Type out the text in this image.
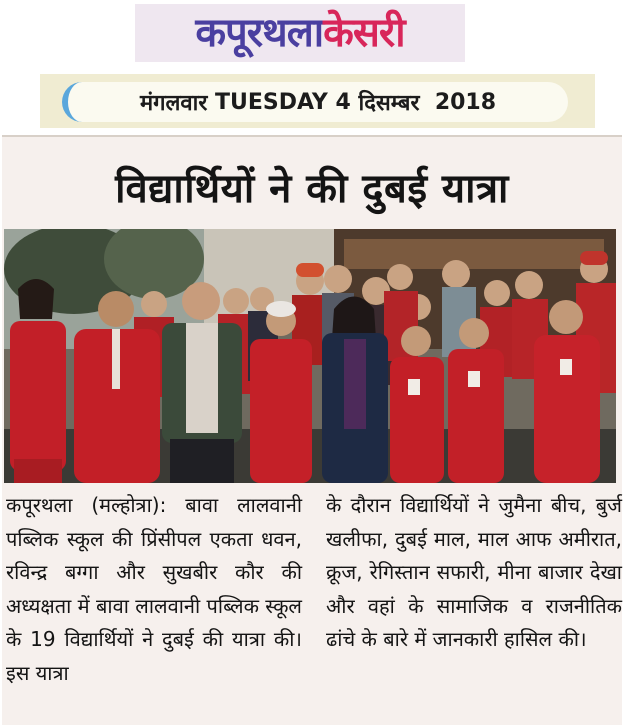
कपूरथलाकेसरी
मंगलवार
TUESDAY
4
दिसम्बर
2018
विद्यार्थियों ने की दुबई यात्रा
कपूरथला (मल्होत्रा): बावा लालवानी पब्लिक स्कूल की प्रिंसीपल एकता धवन, रविन्द्र बग्गा और सुखबीर कौर की अध्यक्षता में बावा लालवानी पब्लिक स्कूल के 19 विद्यार्थियों ने दुबई की यात्रा की। इस यात्रा
के दौरान विद्यार्थियों ने जुमैना बीच, बुर्ज खलीफा, दुबई माल, माल आफ अमीरात, क्रूज, रेगिस्तान सफारी, मीना बाजार देखा और वहां के सामाजिक व राजनीतिक ढांचे के बारे में जानकारी हासिल की।
